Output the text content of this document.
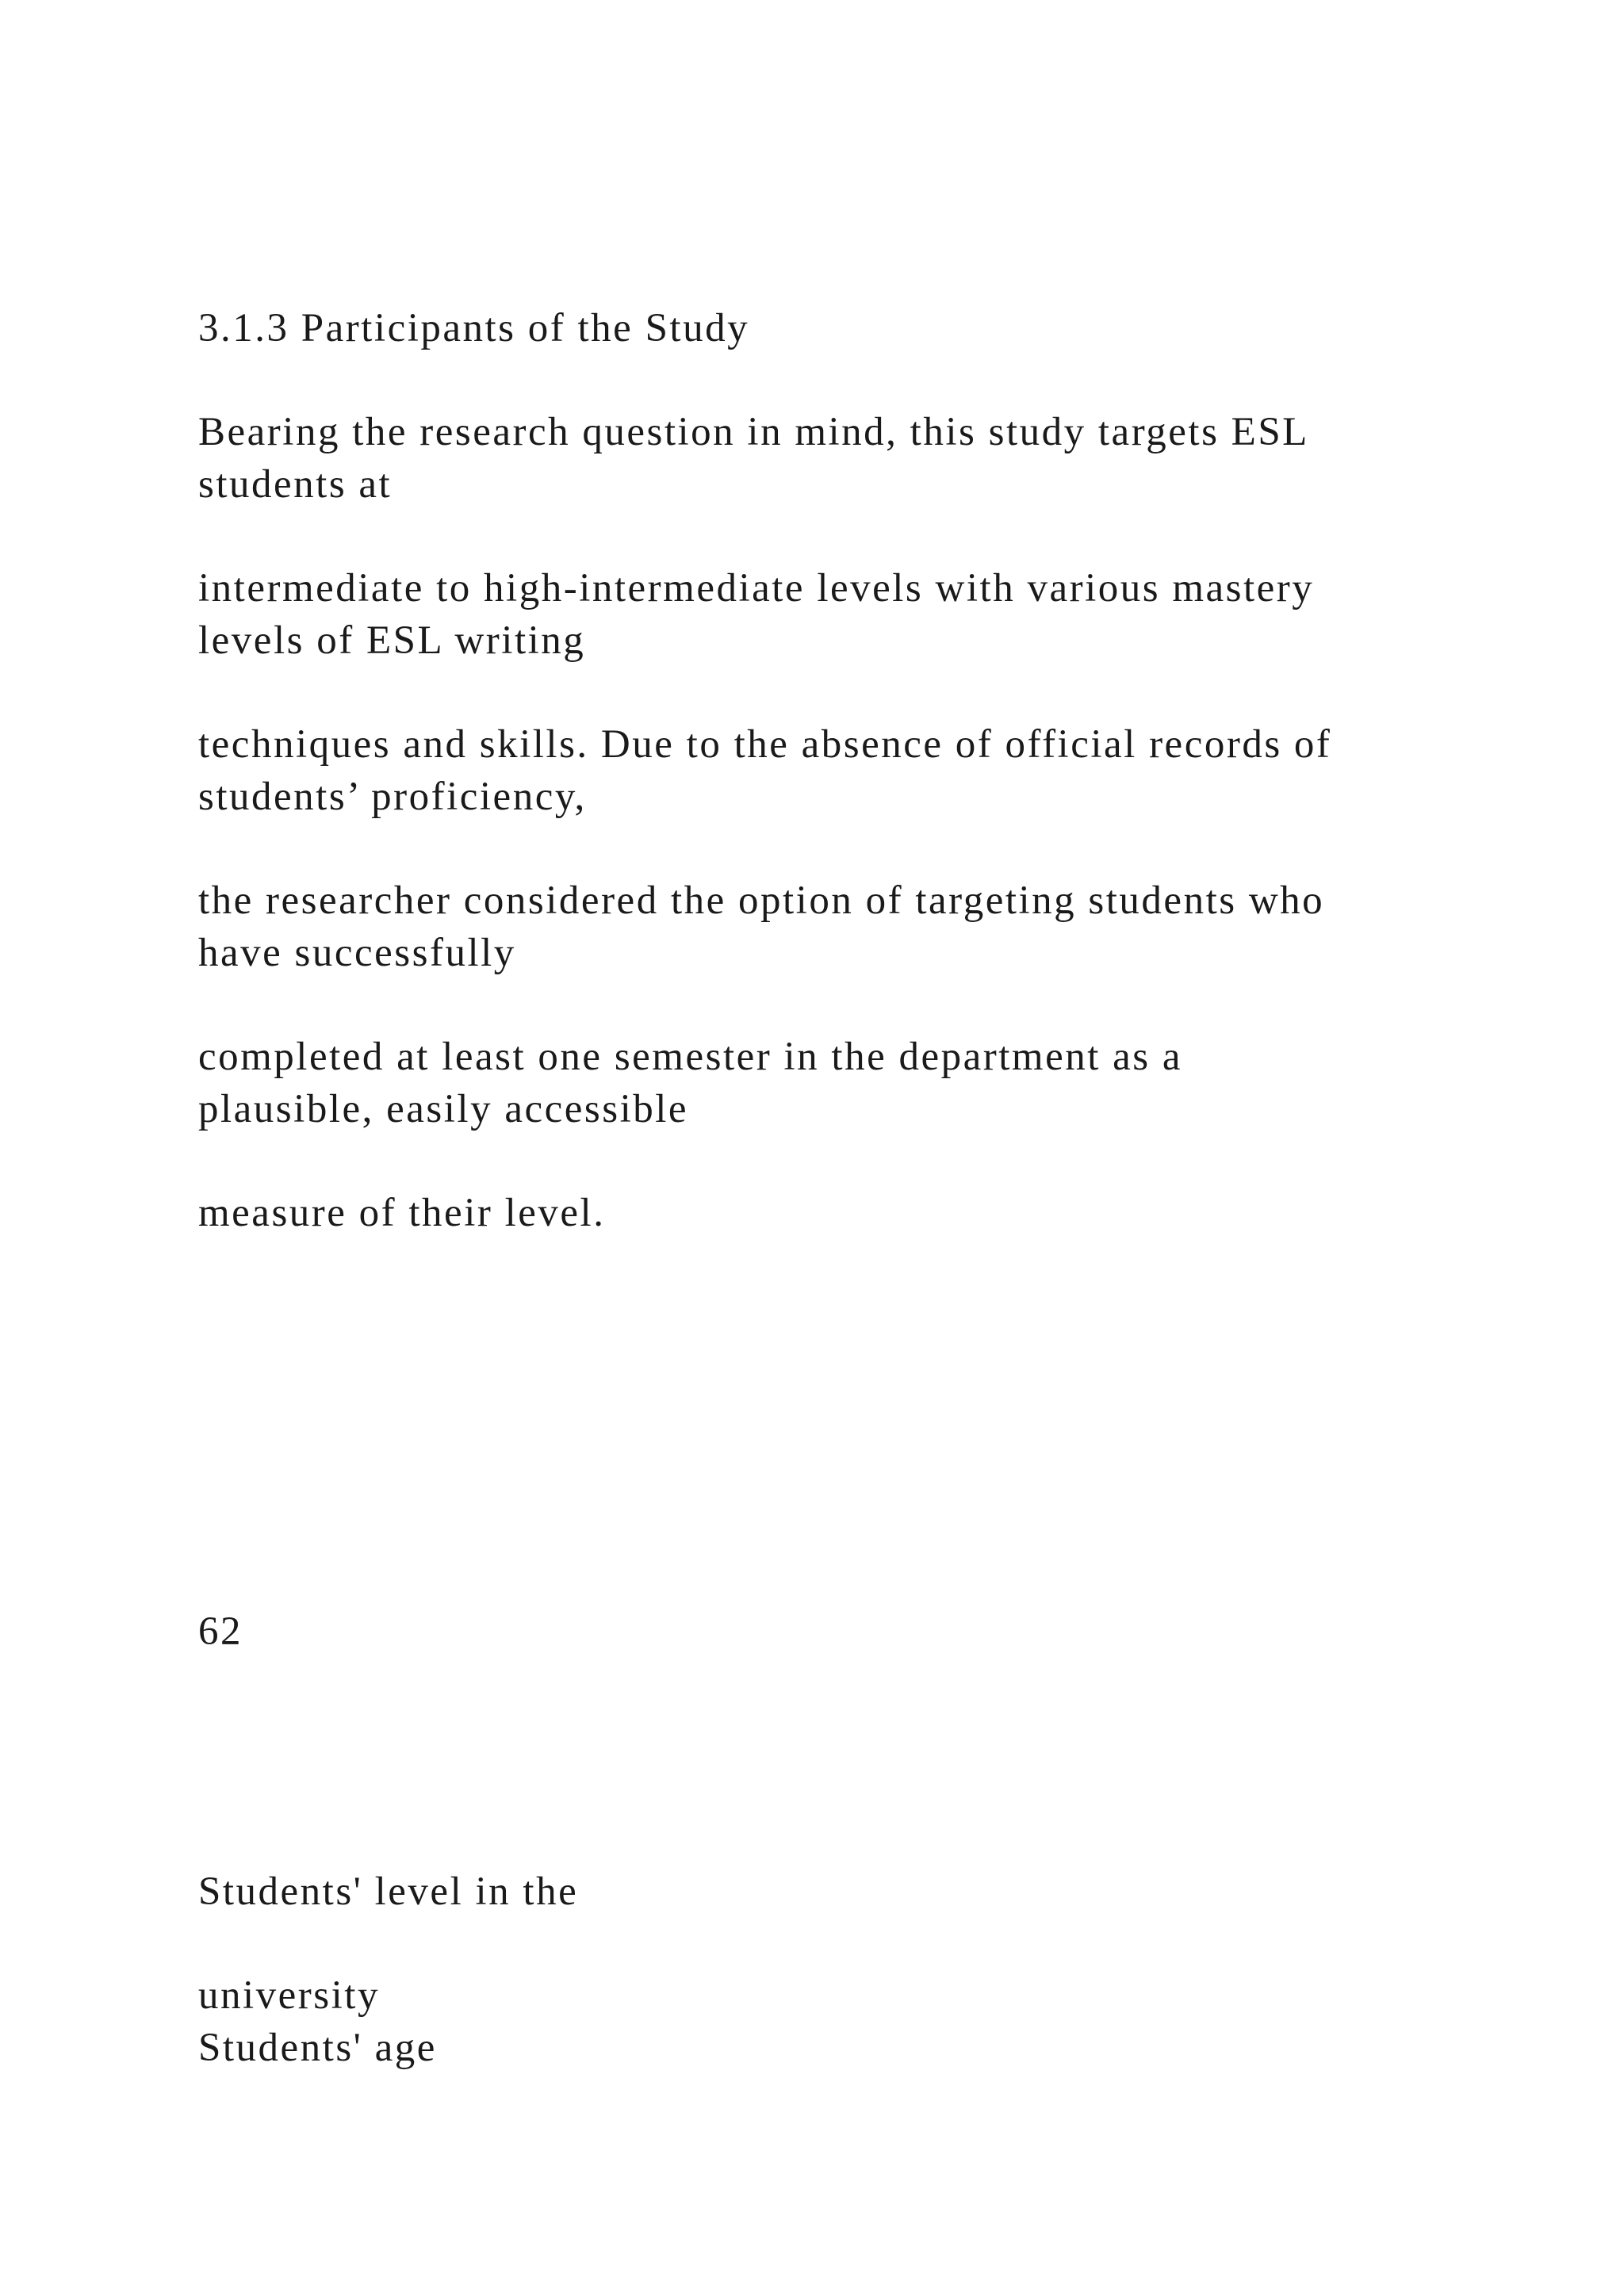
3.1.3 Participants of the Study

Bearing the research question in mind, this study targets ESL

students at

intermediate to high-intermediate levels with various mastery

levels of ESL writing

techniques and skills. Due to the absence of official records of

students’ proficiency,

the researcher considered the option of targeting students who

have successfully

completed at least one semester in the department as a

plausible, easily accessible

measure of their level.

62

Students' level in the

university

Students' age
